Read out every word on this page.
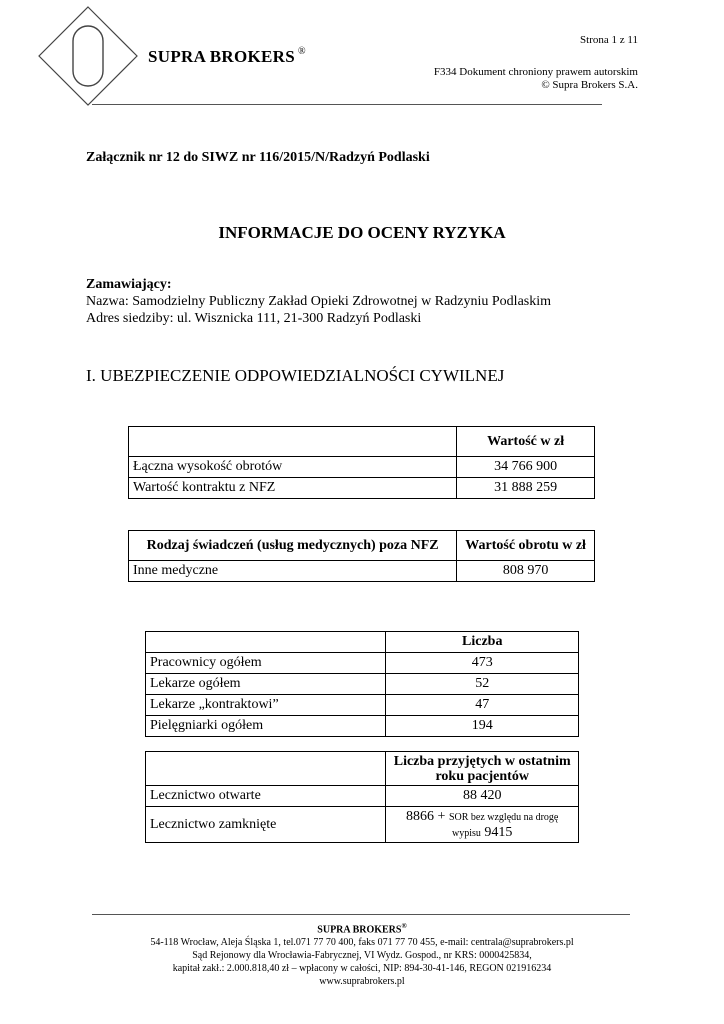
SUPRA BROKERS ®
Strona 1 z 11
F334 Dokument chroniony prawem autorskim
© Supra Brokers S.A.
Załącznik nr 12 do SIWZ nr 116/2015/N/Radzyń Podlaski
INFORMACJE DO OCENY RYZYKA
Zamawiający:
Nazwa: Samodzielny Publiczny Zakład Opieki Zdrowotnej w Radzyniu Podlaskim
Adres siedziby: ul. Wisznicka 111, 21-300 Radzyń Podlaski
I. UBEZPIECZENIE ODPOWIEDZIALNOŚCI CYWILNEJ
	Wartość w zł
Łączna wysokość obrotów	34 766 900
Wartość kontraktu z NFZ	31 888 259
Rodzaj świadczeń (usług medycznych) poza NFZ	Wartość obrotu w zł
Inne medyczne	808 970
	Liczba
Pracownicy ogółem	473
Lekarze ogółem	52
Lekarze „kontraktowi”	47
Pielęgniarki ogółem	194

	Liczba przyjętych w ostatnim
roku pacjentów

Lecznictwo otwarte	88 420
Lecznictwo zamknięte	8866 + SOR bez względu na drogę
wypisu 9415
SUPRA BROKERS®
54-118 Wrocław, Aleja Śląska 1, tel.071 77 70 400, faks 071 77 70 455, e-mail: centrala@suprabrokers.pl
Sąd Rejonowy dla Wrocławia-Fabrycznej, VI Wydz. Gospod., nr KRS: 0000425834,
kapitał zakł.: 2.000.818,40 zł – wpłacony w całości, NIP: 894-30-41-146, REGON 021916234
www.suprabrokers.pl
